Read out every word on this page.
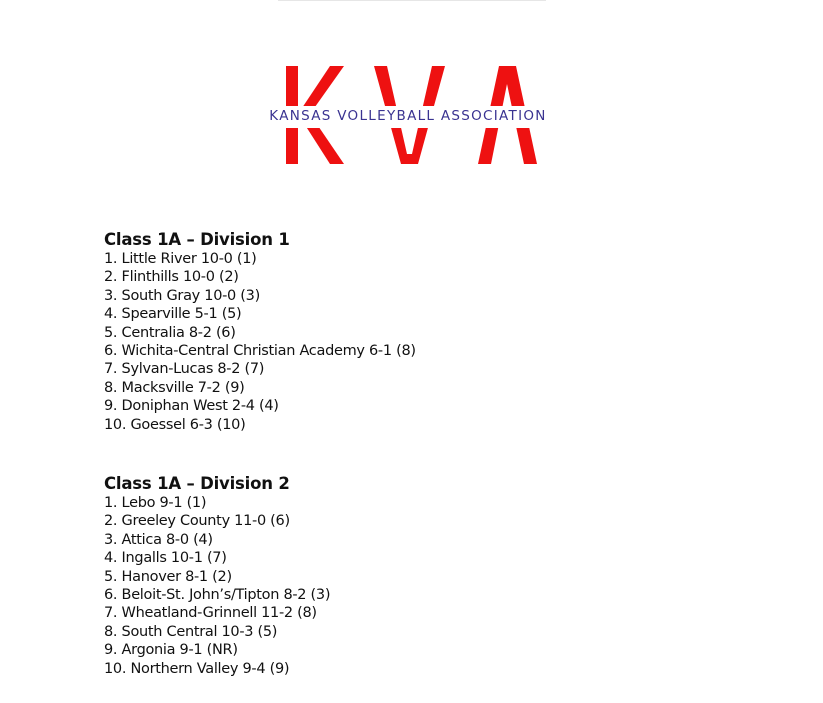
KANSAS VOLLEYBALL ASSOCIATION
Class 1A – Division 1
1. Little River 10-0 (1)
2. Flinthills 10-0 (2)
3. South Gray 10-0 (3)
4. Spearville 5-1 (5)
5. Centralia 8-2 (6)
6. Wichita-Central Christian Academy 6-1 (8)
7. Sylvan-Lucas 8-2 (7)
8. Macksville 7-2 (9)
9. Doniphan West 2-4 (4)
10. Goessel 6-3 (10)
Class 1A – Division 2
1. Lebo 9-1 (1)
2. Greeley County 11-0 (6)
3. Attica 8-0 (4)
4. Ingalls 10-1 (7)
5. Hanover 8-1 (2)
6. Beloit-St. John’s/Tipton 8-2 (3)
7. Wheatland-Grinnell 11-2 (8)
8. South Central 10-3 (5)
9. Argonia 9-1 (NR)
10. Northern Valley 9-4 (9)
